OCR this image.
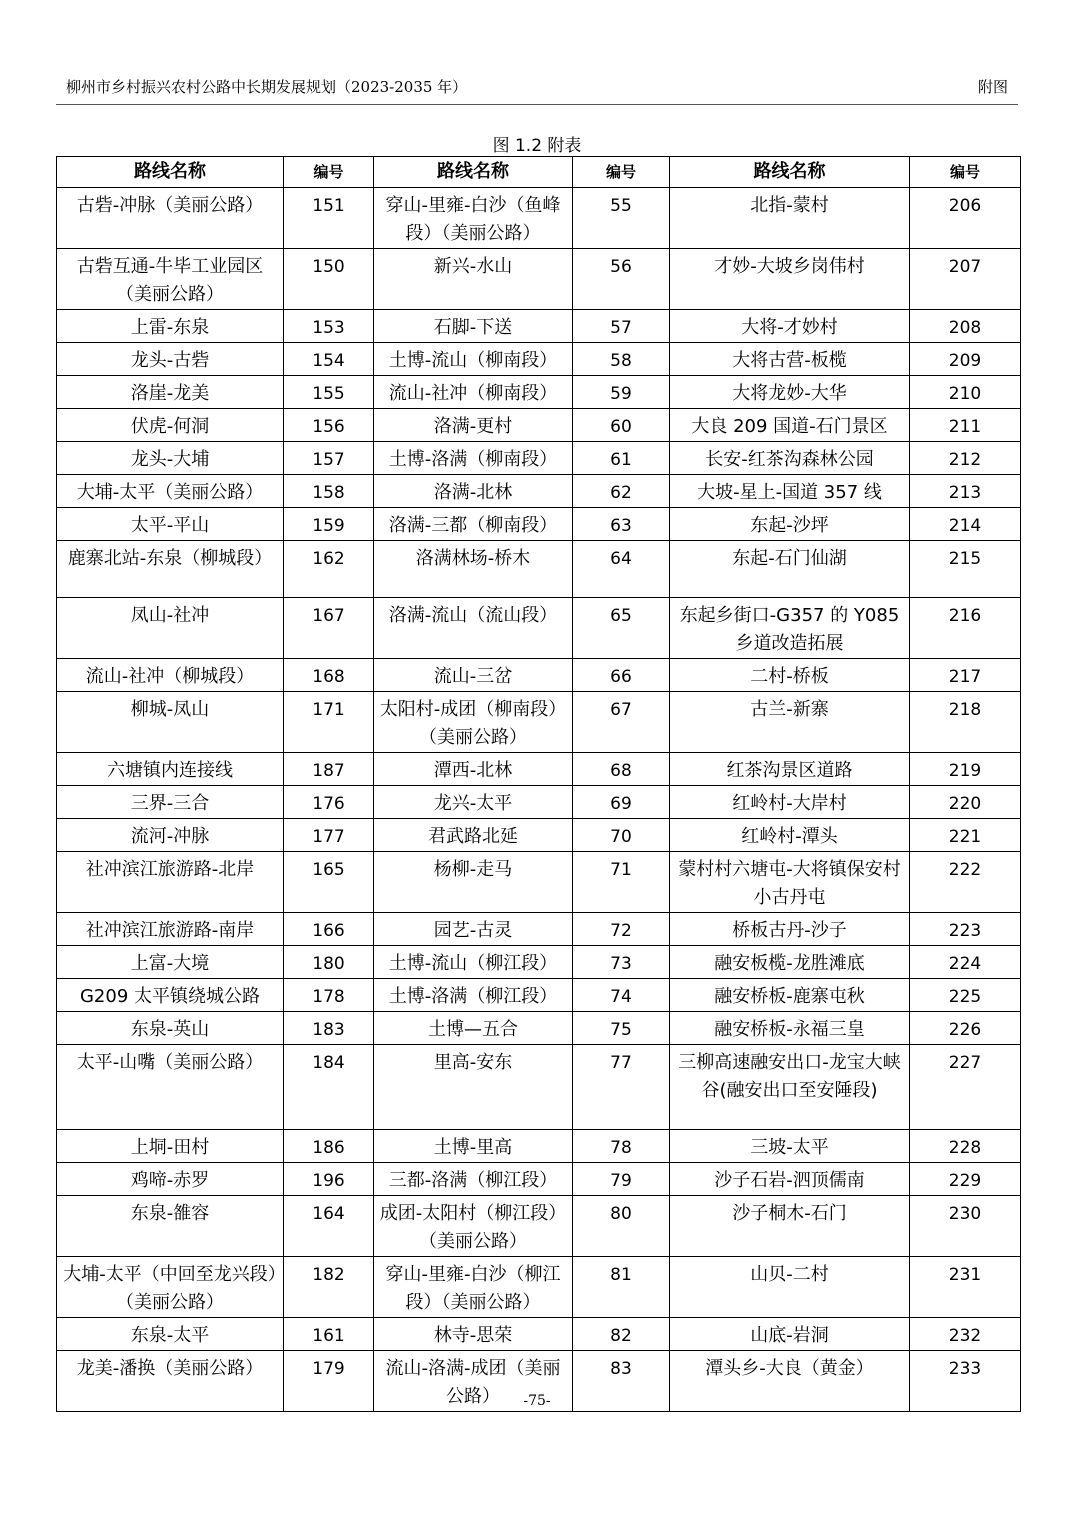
柳州市乡村振兴农村公路中长期发展规划（2023-2035 年）	附图
图 1.2 附表
路线名称	编号	路线名称	编号	路线名称	编号
古砦-冲脉（美丽公路）	151	穿山-里雍-白沙（鱼峰段）（美丽公路）	55	北指-蒙村	206
古砦互通-牛毕工业园区（美丽公路）	150	新兴-水山	56	才妙-大坡乡岗伟村	207
上雷-东泉	153	石脚-下送	57	大将-才妙村	208
龙头-古砦	154	土博-流山（柳南段）	58	大将古营-板榄	209
洛崖-龙美	155	流山-社冲（柳南段）	59	大将龙妙-大华	210
伏虎-何洞	156	洛满-更村	60	大良 209 国道-石门景区	211
龙头-大埔	157	土博-洛满（柳南段）	61	长安-红茶沟森林公园	212
大埔-太平（美丽公路）	158	洛满-北林	62	大坡-星上-国道 357 线	213
太平-平山	159	洛满-三都（柳南段）	63	东起-沙坪	214
鹿寨北站-东泉（柳城段）	162	洛满林场-桥木	64	东起-石门仙湖	215
凤山-社冲	167	洛满-流山（流山段）	65	东起乡街口-G357 的 Y085 乡道改造拓展	216
流山-社冲（柳城段）	168	流山-三岔	66	二村-桥板	217
柳城-凤山	171	太阳村-成团（柳南段）（美丽公路）	67	古兰-新寨	218
六塘镇内连接线	187	潭西-北林	68	红茶沟景区道路	219
三界-三合	176	龙兴-太平	69	红岭村-大岸村	220
流河-冲脉	177	君武路北延	70	红岭村-潭头	221
社冲滨江旅游路-北岸	165	杨柳-走马	71	蒙村村六塘屯-大将镇保安村小古丹屯	222
社冲滨江旅游路-南岸	166	园艺-古灵	72	桥板古丹-沙子	223
上富-大境	180	土博-流山（柳江段）	73	融安板榄-龙胜滩底	224
G209 太平镇绕城公路	178	土博-洛满（柳江段）	74	融安桥板-鹿寨屯秋	225
东泉-英山	183	土博—五合	75	融安桥板-永福三皇	226
太平-山嘴（美丽公路）	184	里高-安东	77	三柳高速融安出口-龙宝大峡谷(融安出口至安陲段)	227
上垌-田村	186	土博-里高	78	三坡-太平	228
鸡啼-赤罗	196	三都-洛满（柳江段）	79	沙子石岩-泗顶儒南	229
东泉-雒容	164	成团-太阳村（柳江段）（美丽公路）	80	沙子桐木-石门	230
大埔-太平（中回至龙兴段）（美丽公路）	182	穿山-里雍-白沙（柳江段）（美丽公路）	81	山贝-二村	231
东泉-太平	161	林寺-思荣	82	山底-岩洞	232
龙美-潘换（美丽公路）	179	流山-洛满-成团（美丽公路）	83	潭头乡-大良（黄金）	233
-75-
